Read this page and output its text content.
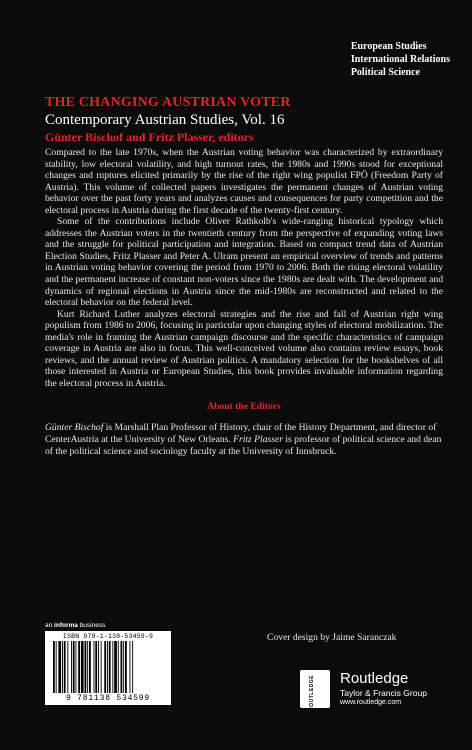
European Studies
International Relations
Political Science

THE CHANGING AUSTRIAN VOTER

Contemporary Austrian Studies, Vol. 16

Günter Bischof and Fritz Plasser, editors

Compared to the late 1970s, when the Austrian voting behavior was characterized by extraordinary stability, low electoral volatility, and high turnout rates, the 1980s and 1990s stood for exceptional changes and ruptures elicited primarily by the rise of the right wing populist FPÖ (Freedom Party of Austria). This volume of collected papers investigates the permanent changes of Austrian voting behavior over the past forty years and analyzes causes and consequences for party competition and the electoral process in Austria during the first decade of the twenty-first century.

Some of the contributions include Oliver Rathkolb's wide-ranging historical typology which addresses the Austrian voters in the twentieth century from the perspective of expanding voting laws and the struggle for political participation and integration. Based on compact trend data of Austrian Election Studies, Fritz Plasser and Peter A. Ulram present an empirical overview of trends and patterns in Austrian voting behavior covering the period from 1970 to 2006. Both the rising electoral volatility and the permanent increase of constant non-voters since the 1980s are dealt with. The development and dynamics of regional elections in Austria since the mid-1980s are reconstructed and related to the electoral behavior on the federal level.

Kurt Richard Luther analyzes electoral strategies and the rise and fall of Austrian right wing populism from 1986 to 2006, focusing in particular upon changing styles of electoral mobilization. The media's role in framing the Austrian campaign discourse and the specific characteristics of campaign coverage in Austria are also in focus. This well-conceived volume also contains review essays, book reviews, and the annual review of Austrian politics. A mandatory selection for the bookshelves of all those interested in Austria or European Studies, this book provides invaluable information regarding the electoral process in Austria.

About the Editors

Günter Bischof is Marshall Plan Professor of History, chair of the History Department, and director of CenterAustria at the University of New Orleans. Fritz Plasser is professor of political science and dean of the political science and sociology faculty at the University of Innsbruck.

an informa business
ISBN 978-1-138-53459-9
9 781138 534599
Cover design by Jaime Saranczak
ROUTLEDGE Routledge
Taylor & Francis Group
www.routledge.com
